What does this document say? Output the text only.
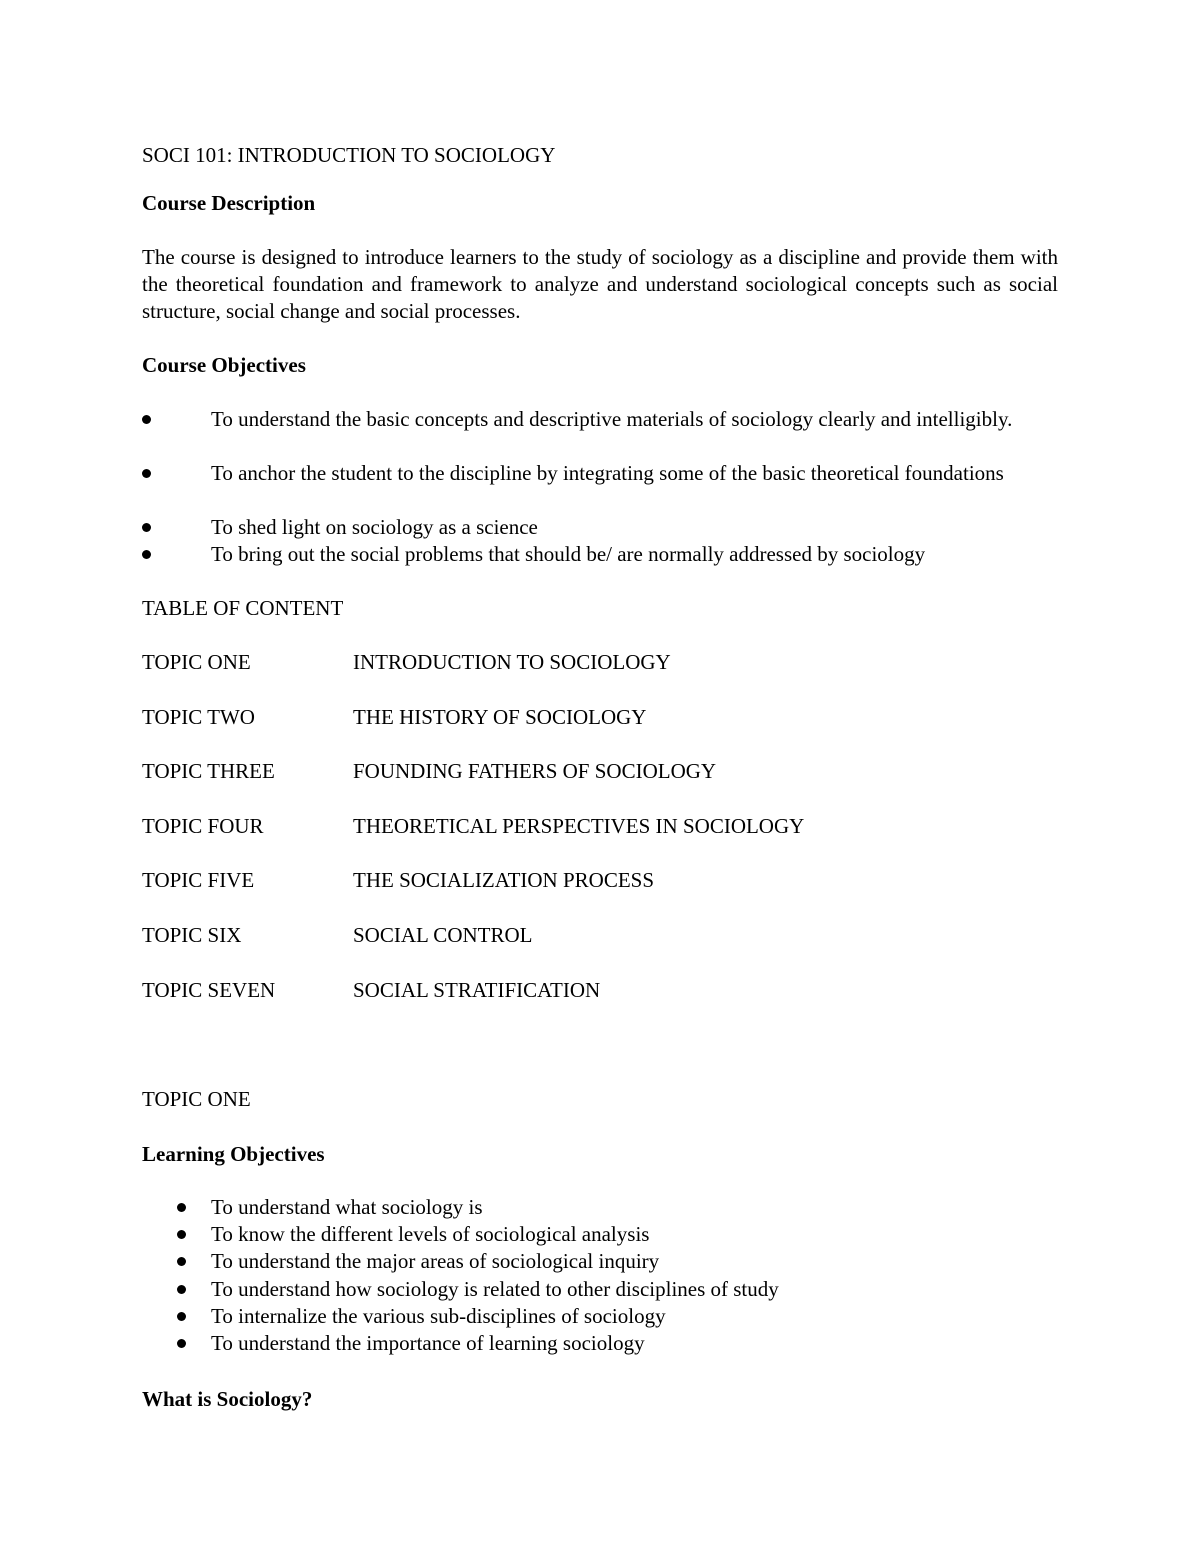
SOCI 101: INTRODUCTION TO SOCIOLOGY
Course Description
The course is designed to introduce learners to the study of sociology as a discipline and provide them with the theoretical foundation and framework to analyze and understand sociological concepts such as social structure, social change and social processes.
Course Objectives
To understand the basic concepts and descriptive materials of sociology clearly and intelligibly.
To anchor the student to the discipline by integrating some of the basic theoretical foundations
To shed light on sociology as a science
To bring out the social problems that should be/ are normally addressed by sociology
TABLE OF CONTENT
TOPIC ONE	INTRODUCTION TO SOCIOLOGY
TOPIC TWO	THE HISTORY OF SOCIOLOGY
TOPIC THREE	FOUNDING FATHERS OF SOCIOLOGY
TOPIC FOUR	THEORETICAL PERSPECTIVES IN SOCIOLOGY
TOPIC FIVE	THE SOCIALIZATION PROCESS
TOPIC SIX	SOCIAL CONTROL
TOPIC SEVEN	SOCIAL STRATIFICATION
TOPIC ONE
Learning Objectives
To understand what sociology is
To know the different levels of sociological analysis
To understand the major areas of sociological inquiry
To understand how sociology is related to other disciplines of study
To internalize the various sub-disciplines of sociology
To understand the importance of learning sociology
What is Sociology?
